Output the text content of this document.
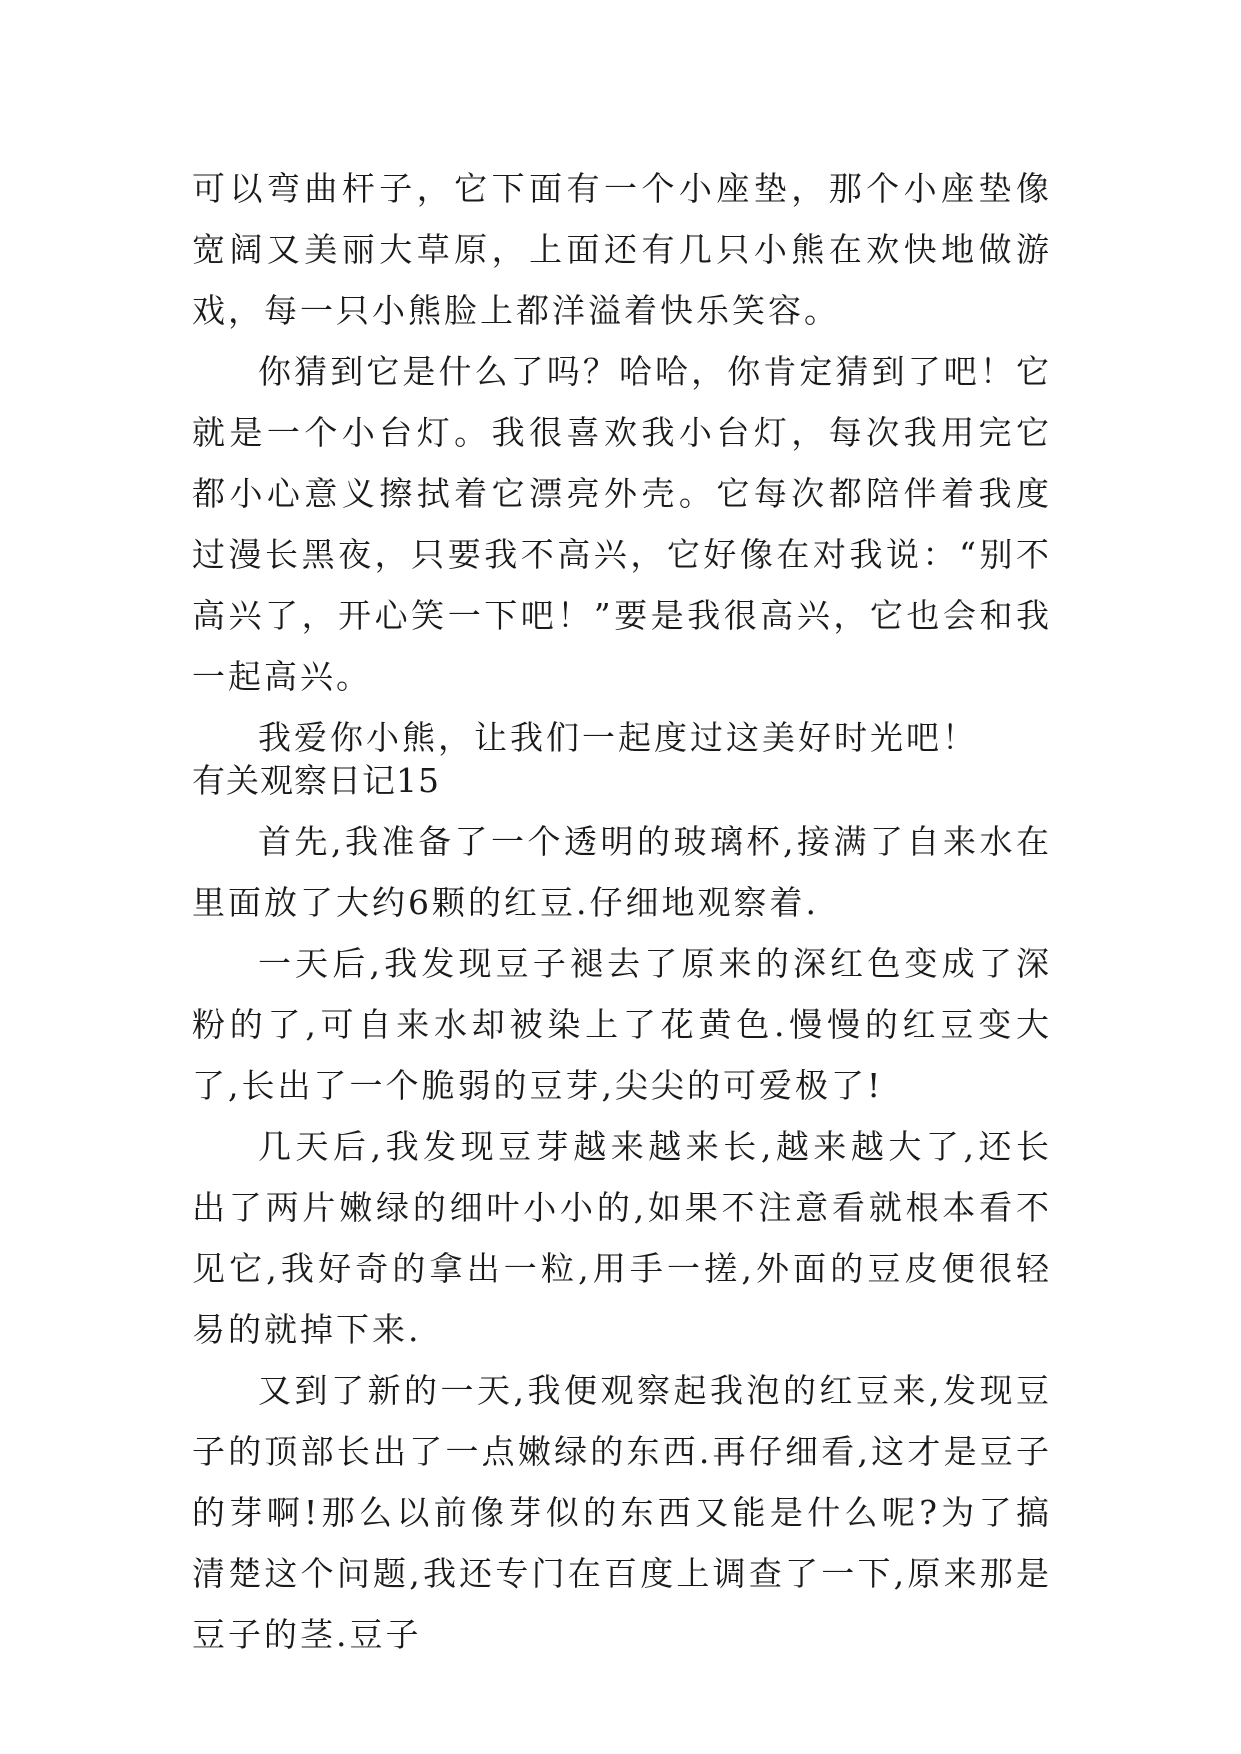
可以弯曲杆子，它下面有一个小座垫，那个小座垫像宽阔又美丽大草原，上面还有几只小熊在欢快地做游戏，每一只小熊脸上都洋溢着快乐笑容。

你猜到它是什么了吗？哈哈，你肯定猜到了吧！它就是一个小台灯。我很喜欢我小台灯，每次我用完它都小心意义擦拭着它漂亮外壳。它每次都陪伴着我度过漫长黑夜，只要我不高兴，它好像在对我说：“别不高兴了，开心笑一下吧！”要是我很高兴，它也会和我一起高兴。

我爱你小熊，让我们一起度过这美好时光吧！

有关观察日记15

首先,我准备了一个透明的玻璃杯,接满了自来水在里面放了大约6颗的红豆.仔细地观察着.

一天后,我发现豆子褪去了原来的深红色变成了深粉的了,可自来水却被染上了花黄色.慢慢的红豆变大了,长出了一个脆弱的豆芽,尖尖的可爱极了!

几天后,我发现豆芽越来越来长,越来越大了,还长出了两片嫩绿的细叶小小的,如果不注意看就根本看不见它,我好奇的拿出一粒,用手一搓,外面的豆皮便很轻易的就掉下来.

又到了新的一天,我便观察起我泡的红豆来,发现豆子的顶部长出了一点嫩绿的东西.再仔细看,这才是豆子的芽啊!那么以前像芽似的东西又能是什么呢?为了搞清楚这个问题,我还专门在百度上调查了一下,原来那是豆子的茎.豆子
